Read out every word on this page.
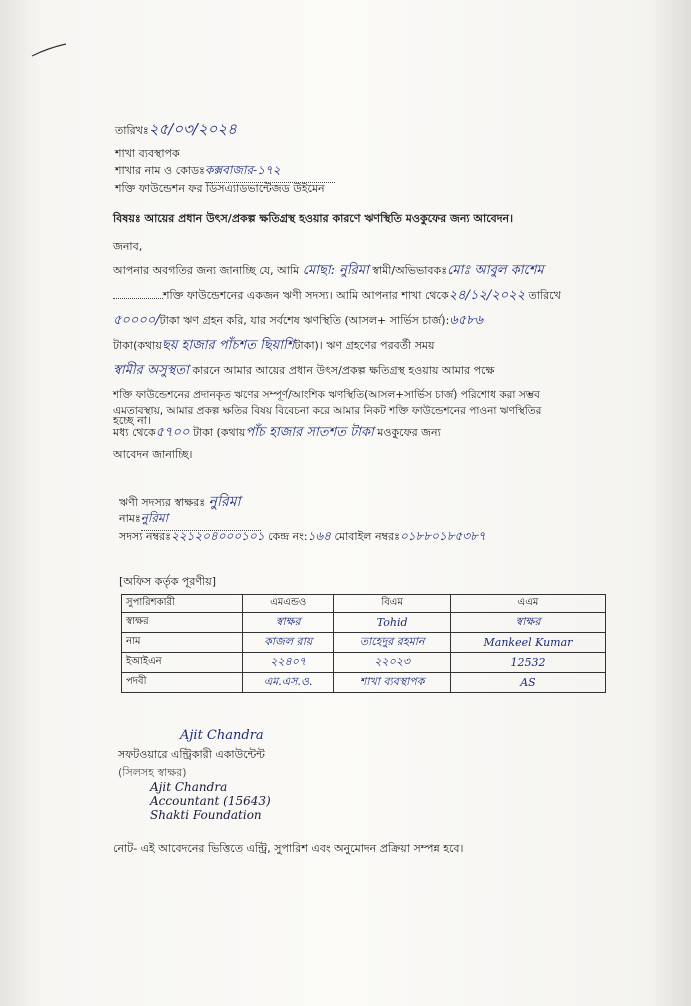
তারিখঃ২৫/০৩/২০২৪
শাখা ব্যবস্থাপক
শাখার নাম ও কোডঃকক্সবাজার-১৭২
শক্তি ফাউন্ডেশন ফর ডিসএ্যাডভান্টেজড উইমেন
বিষয়ঃ আয়ের প্রধান উৎস/প্রকল্প ক্ষতিগ্রস্থ হওয়ার কারণে ঋণস্থিতি মওকুফের জন্য আবেদন।
জনাব,
আপনার অবগতির জন্য জানাচ্ছি যে, আমি মোছা: নুরিমা স্বামী/অভিভাবকঃমোঃ আবুল কাশেম
শক্তি ফাউন্ডেশনের একজন ঋণী সদস্য। আমি আপনার শাখা থেকে২৪/১২/২০২২ তারিখে
৫০০০০/টাকা ঋণ গ্রহন করি, যার সর্বশেষ ঋণস্থিতি (আসল+ সার্ভিস চার্জ):৬৫৮৬
টাকা(কথায়ছয় হাজার পাঁচশত ছিয়াশিটাকা)। ঋণ গ্রহণের পরবর্তী সময়
স্বামীর অসুস্থতা কারনে আমার আয়ের প্রধান উৎস/প্রকল্প ক্ষতিগ্রস্থ হওয়ায় আমার পক্ষে
শক্তি ফাউন্ডেশনের প্রদানকৃত ঋণের সম্পূর্ণ/আংশিক ঋণস্থিতি(আসল+সার্ভিস চার্জ) পরিশোধ করা সম্ভব
হচ্ছে না।
এমতাবস্থায়, আমার প্রকল্প ক্ষতির বিষয় বিবেচনা করে আমার নিকট শক্তি ফাউন্ডেশনের পাওনা ঋণস্থিতির
মধ্য থেকে৫৭০০ টাকা (কথায়পাঁচ হাজার সাতশত টাকা মওকুফের জন্য
আবেদন জানাচ্ছি।
ঋণী সদস্যর স্বাক্ষরঃ নুরিমা
নামঃনুরিমা
সদস্য নম্বরঃ২২১২০৪০০০১০১ কেন্দ্র নং:১৬৪ মোবাইল নম্বরঃ০১৮৮০১৮৫৩৮৭
[অফিস কর্তৃক পূরণীয়]
সুপারিশকারী	এমএন্ডও	বিএম	এএম
স্বাক্ষর	স্বাক্ষর	Tohid	স্বাক্ষর
নাম	কাজল রায়	তাহেদুর রহমান	Mankeel Kumar
ইআইএন	২২৪০৭	২২০২৩	12532
পদবী	এম.এস.ও.	শাখা ব্যবস্থাপক	AS
Ajit Chandra
সফটওয়ারে এন্ট্রিকারী একাউন্টেন্ট
(সিলসহ স্বাক্ষর)
Ajit Chandra
Accountant (15643)
Shakti Foundation
নোট- এই আবেদনের ভিত্তিতে এন্ট্রি, সুপারিশ এবং অনুমোদন প্রক্রিয়া সম্পন্ন হবে।
